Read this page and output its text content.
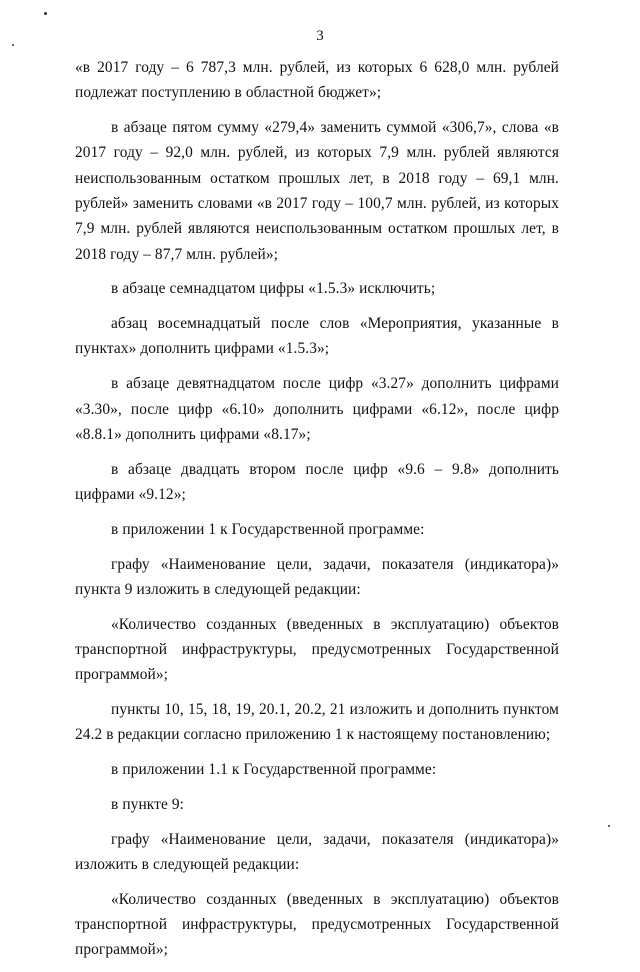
3

«в 2017 году – 6 787,3 млн. рублей, из которых 6 628,0 млн. рублей подлежат поступлению в областной бюджет»;

в абзаце пятом сумму «279,4» заменить суммой «306,7», слова «в 2017 году – 92,0 млн. рублей, из которых 7,9 млн. рублей являются неиспользованным остатком прошлых лет, в 2018 году – 69,1 млн. рублей» заменить словами «в 2017 году – 100,7 млн. рублей, из которых 7,9 млн. рублей являются неиспользованным остатком прошлых лет, в 2018 году – 87,7 млн. рублей»;

в абзаце семнадцатом цифры «1.5.3» исключить;

абзац восемнадцатый после слов «Мероприятия, указанные в пунктах» дополнить цифрами «1.5.3»;

в абзаце девятнадцатом после цифр «3.27» дополнить цифрами «3.30», после цифр «6.10» дополнить цифрами «6.12», после цифр «8.8.1» дополнить цифрами «8.17»;

в абзаце двадцать втором после цифр «9.6 – 9.8» дополнить цифрами «9.12»;

в приложении 1 к Государственной программе:

графу «Наименование цели, задачи, показателя (индикатора)» пункта 9 изложить в следующей редакции:

«Количество созданных (введенных в эксплуатацию) объектов транспортной инфраструктуры, предусмотренных Государственной программой»;

пункты 10, 15, 18, 19, 20.1, 20.2, 21 изложить и дополнить пунктом 24.2 в редакции согласно приложению 1 к настоящему постановлению;

в приложении 1.1 к Государственной программе:

в пункте 9:

графу «Наименование цели, задачи, показателя (индикатора)» изложить в следующей редакции:

«Количество созданных (введенных в эксплуатацию) объектов транспортной инфраструктуры, предусмотренных Государственной программой»;
